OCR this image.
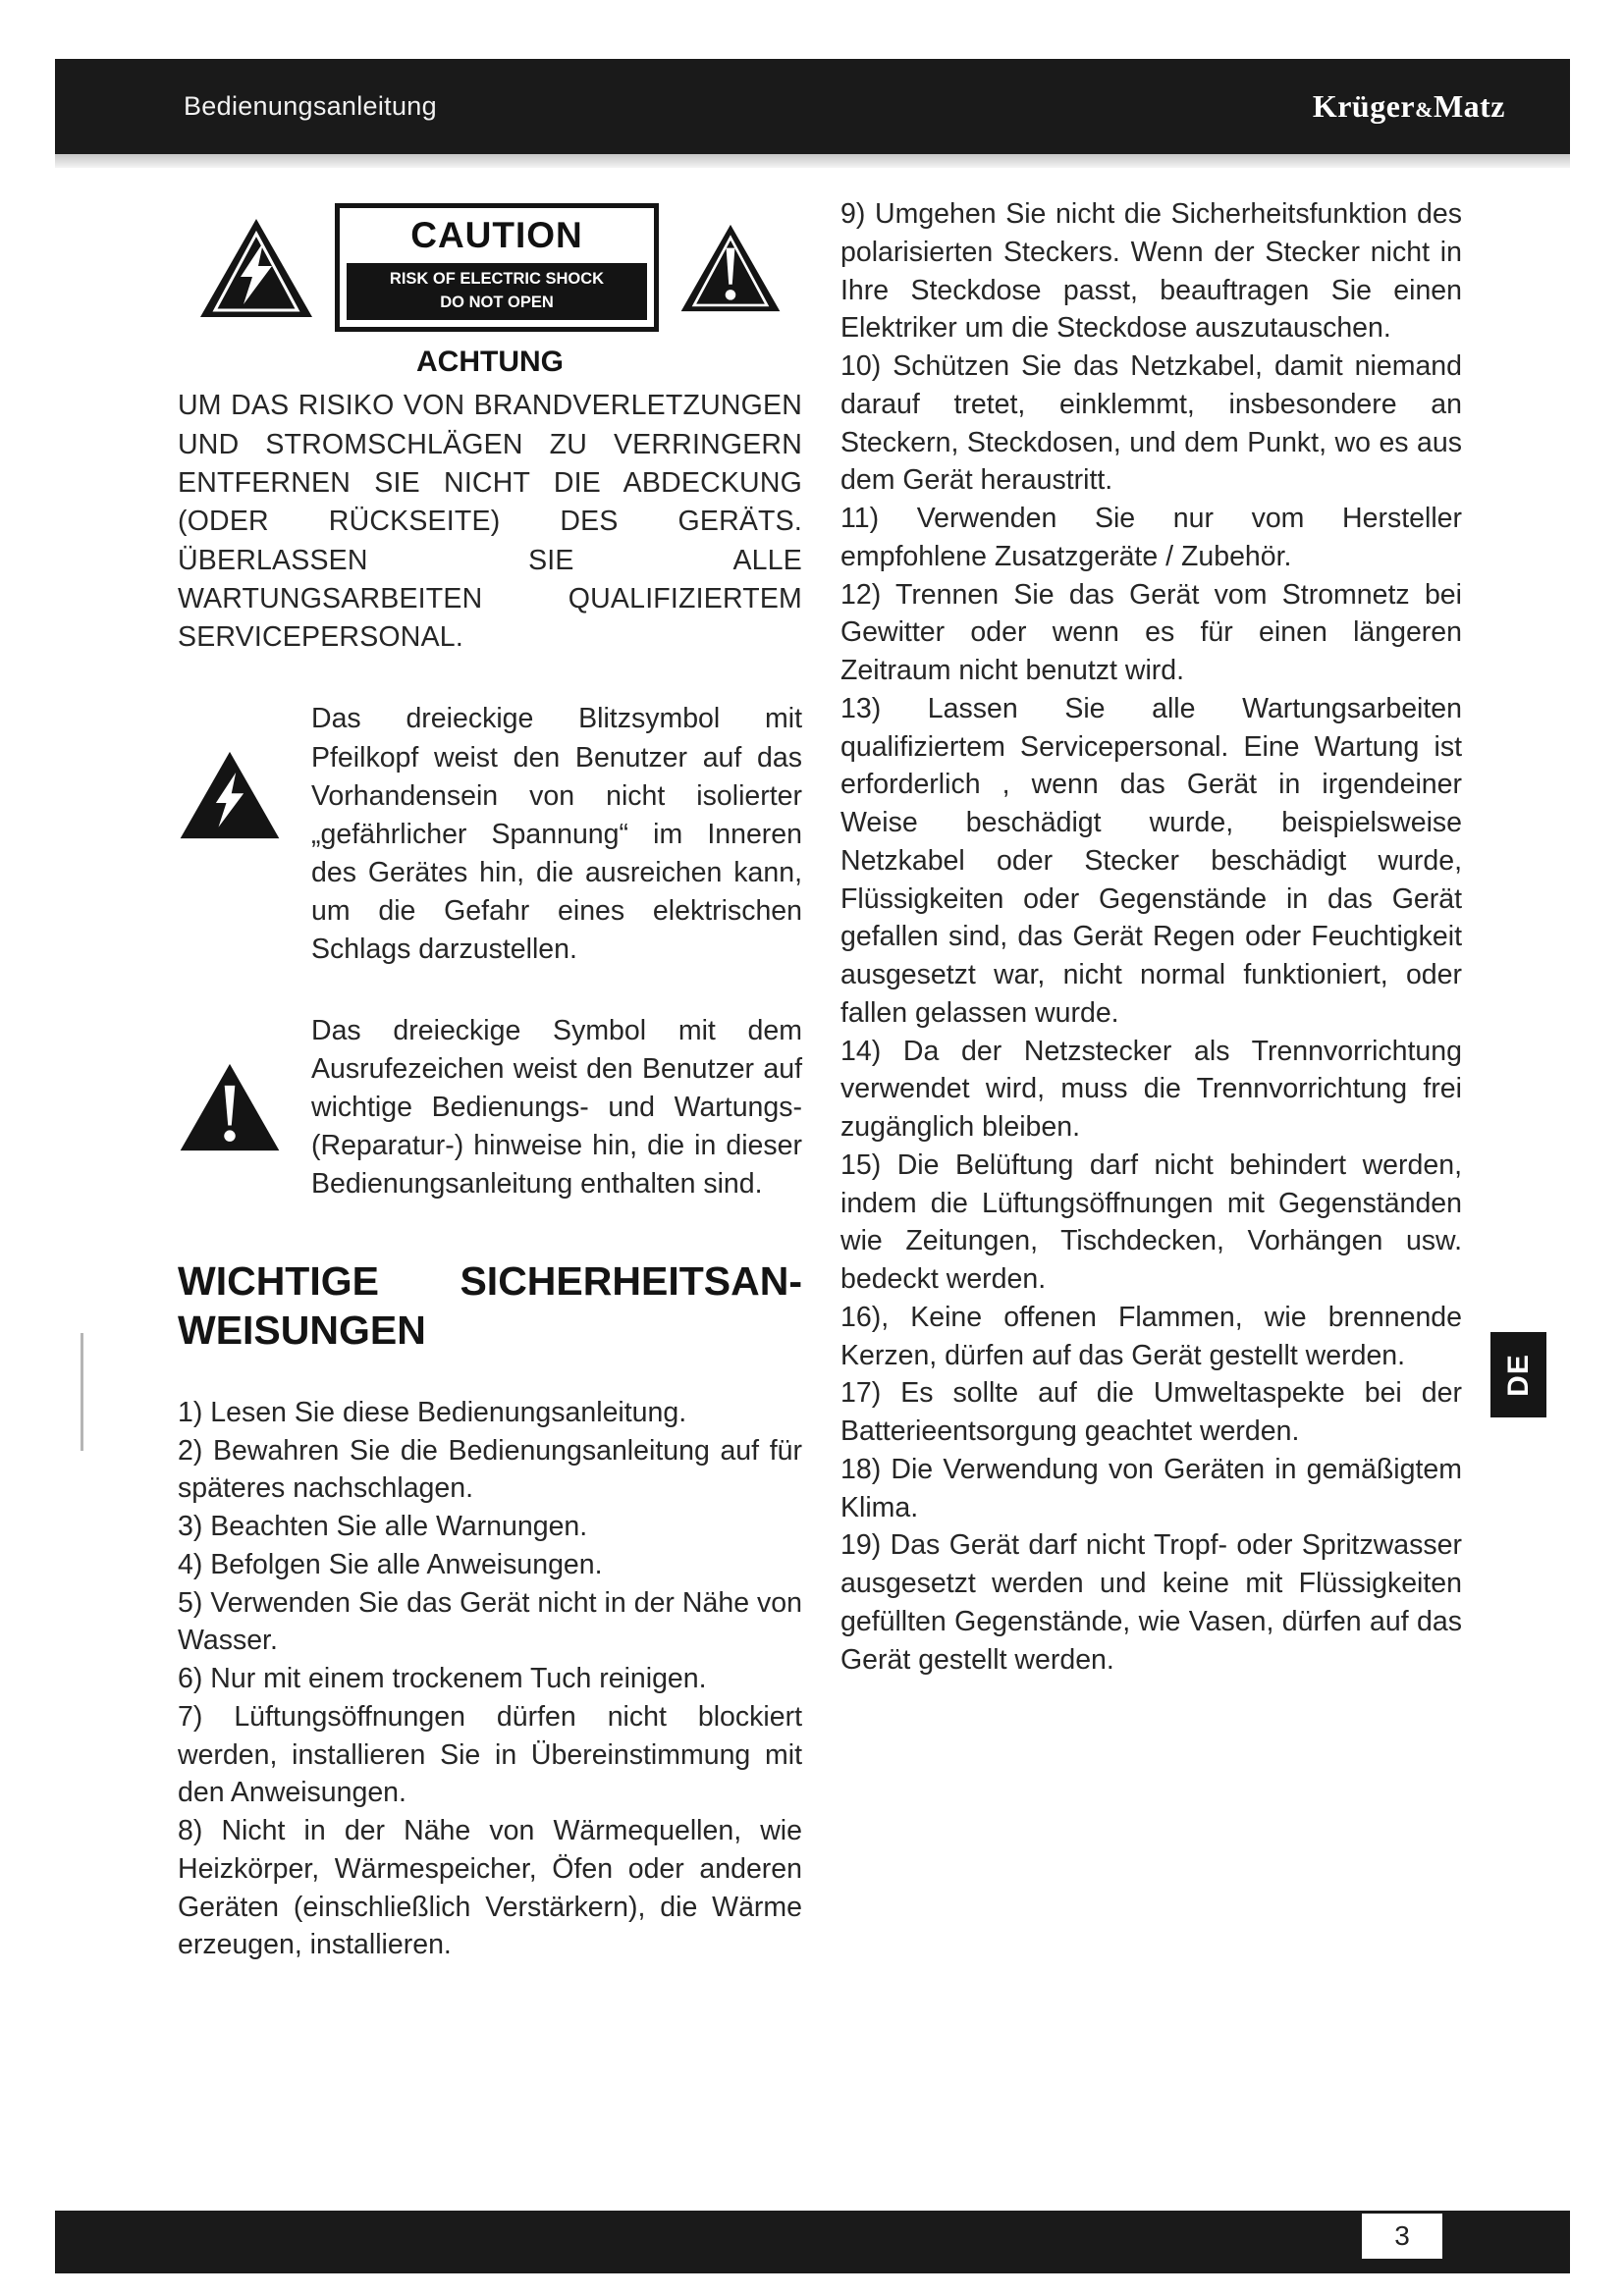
Bedienungsanleitung	Krüger&Matz
CAUTION
RISK OF ELECTRIC SHOCK
DO NOT OPEN
ACHTUNG
UM DAS RISIKO VON BRANDVERLETZUNGEN UND STROMSCHLÄGEN ZU VERRINGERN ENTFERNEN SIE NICHT DIE ABDECKUNG (ODER RÜCKSEITE) DES GERÄTS. ÜBERLASSEN SIE ALLE WARTUNGSARBEITEN QUALIFIZIERTEM SERVICEPERSONAL.
Das dreieckige Blitzsymbol mit Pfeilkopf weist den Benutzer auf das Vorhandensein von nicht isolierter „gefährlicher Spannung“ im Inneren des Gerätes hin, die ausreichen kann, um die Gefahr eines elektrischen Schlags darzustellen.
Das dreieckige Symbol mit dem Ausrufezeichen weist den Benutzer auf wichtige Bedienungs- und Wartungs- (Reparatur-) hinweise hin, die in dieser Bedienungsanleitung enthalten sind.
WICHTIGE SICHERHEITSAN-
WEISUNGEN

1) Lesen Sie diese Bedienungsanleitung.

2) Bewahren Sie die Bedienungsanleitung auf für späteres nachschlagen.

3) Beachten Sie alle Warnungen.

4) Befolgen Sie alle Anweisungen.

5) Verwenden Sie das Gerät nicht in der Nähe von Wasser.

6) Nur mit einem trockenem Tuch reinigen.

7) Lüftungsöffnungen dürfen nicht blockiert werden, installieren Sie in Übereinstimmung mit den Anweisungen.

8) Nicht in der Nähe von Wärmequellen, wie Heizkörper, Wärmespeicher, Öfen oder anderen Geräten (einschließlich Verstärkern), die Wärme erzeugen, installieren.

9) Umgehen Sie nicht die Sicherheitsfunktion des polarisierten Steckers. Wenn der Stecker nicht in Ihre Steckdose passt, beauftragen Sie einen Elektriker um die Steckdose auszutauschen.

10) Schützen Sie das Netzkabel, damit niemand darauf tretet, einklemmt, insbesondere an Steckern, Steckdosen, und dem Punkt, wo es aus dem Gerät heraustritt.

11) Verwenden Sie nur vom Hersteller empfohlene Zusatzgeräte / Zubehör.

12) Trennen Sie das Gerät vom Stromnetz bei Gewitter oder wenn es für einen längeren Zeitraum nicht benutzt wird.

13) Lassen Sie alle Wartungsarbeiten qualifiziertem Servicepersonal. Eine Wartung ist erforderlich , wenn das Gerät in irgendeiner Weise beschädigt wurde, beispielsweise Netzkabel oder Stecker beschädigt wurde, Flüssigkeiten oder Gegenstände in das Gerät gefallen sind, das Gerät Regen oder Feuchtigkeit ausgesetzt war, nicht normal funktioniert, oder fallen gelassen wurde.

14) Da der Netzstecker als Trennvorrichtung verwendet wird, muss die Trennvorrichtung frei zugänglich bleiben.

15) Die Belüftung darf nicht behindert werden, indem die Lüftungsöffnungen mit Gegenständen wie Zeitungen, Tischdecken, Vorhängen usw. bedeckt werden.

16), Keine offenen Flammen, wie brennende Kerzen, dürfen auf das Gerät gestellt werden.

17) Es sollte auf die Umweltaspekte bei der Batterieentsorgung geachtet werden.

18) Die Verwendung von Geräten in gemäßigtem Klima.

19) Das Gerät darf nicht Tropf- oder Spritzwasser ausgesetzt werden und keine mit Flüssigkeiten gefüllten Gegenstände, wie Vasen, dürfen auf das Gerät gestellt werden.

DE
3
